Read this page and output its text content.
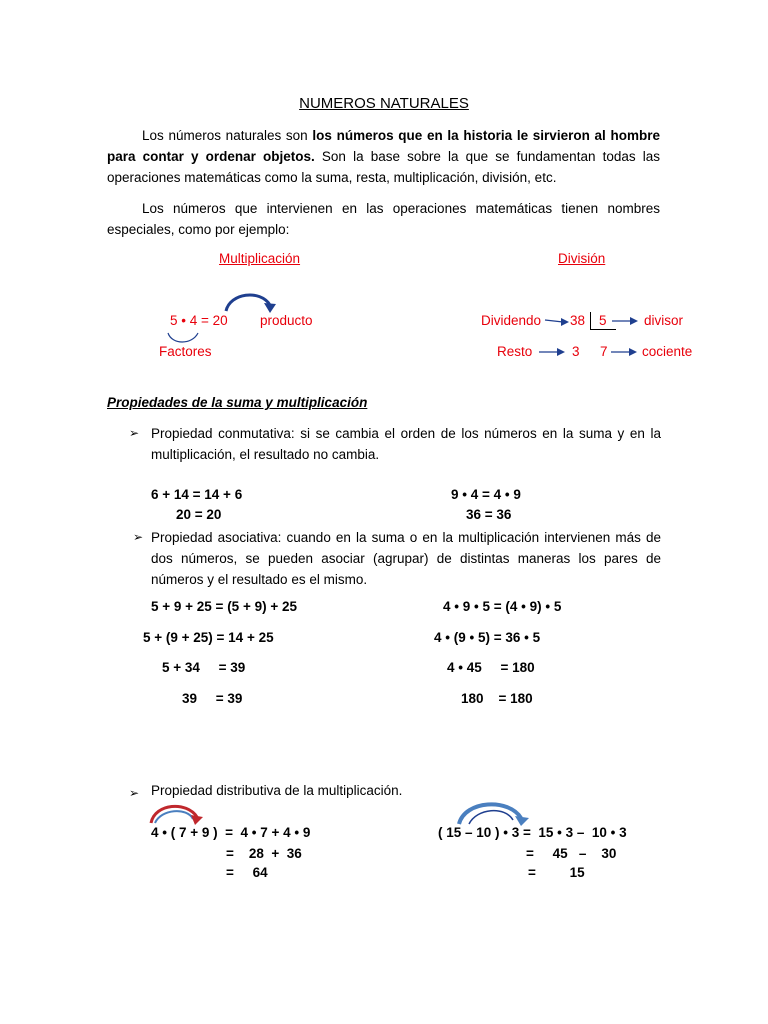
NUMEROS NATURALES

Los números naturales son los números que en la historia le sirvieron al hombre para contar y ordenar objetos. Son la base sobre la que se fundamentan todas las operaciones matemáticas como la suma, resta, multiplicación, división, etc.

Los números que intervienen en las operaciones matemáticas tienen nombres especiales, como por ejemplo:

Multiplicación
5 • 4 = 20 producto
Factores
División
Dividendo 38 5	divisor
Resto	3 7	cociente
Propiedades de la suma y multiplicación
➢ Propiedad conmutativa: si se cambia el orden de los números en la suma y en la multiplicación, el resultado no cambia.

6 + 14 = 14 + 6
20 = 20
9 • 4 = 4 • 9
36 = 36
➢ Propiedad asociativa: cuando en la suma o en la multiplicación intervienen más de dos números, se pueden asociar (agrupar) de distintas maneras los pares de números y el resultado es el mismo.

5 + 9 + 25 = (5 + 9) + 25
5 + (9 + 25) = 14 + 25
5 + 34     = 39
39     = 39
4 • 9 • 5 = (4 • 9) • 5
4 • (9 • 5) = 36 • 5
4 • 45     = 180
180    = 180
➢ Propiedad distributiva de la multiplicación.
4 • ( 7 + 9 )  =  4 • 7 + 4 • 9
=    28  +  36
=     64
( 15 – 10 ) • 3 =  15 • 3 –  10 • 3
=     45   –    30
=         15
